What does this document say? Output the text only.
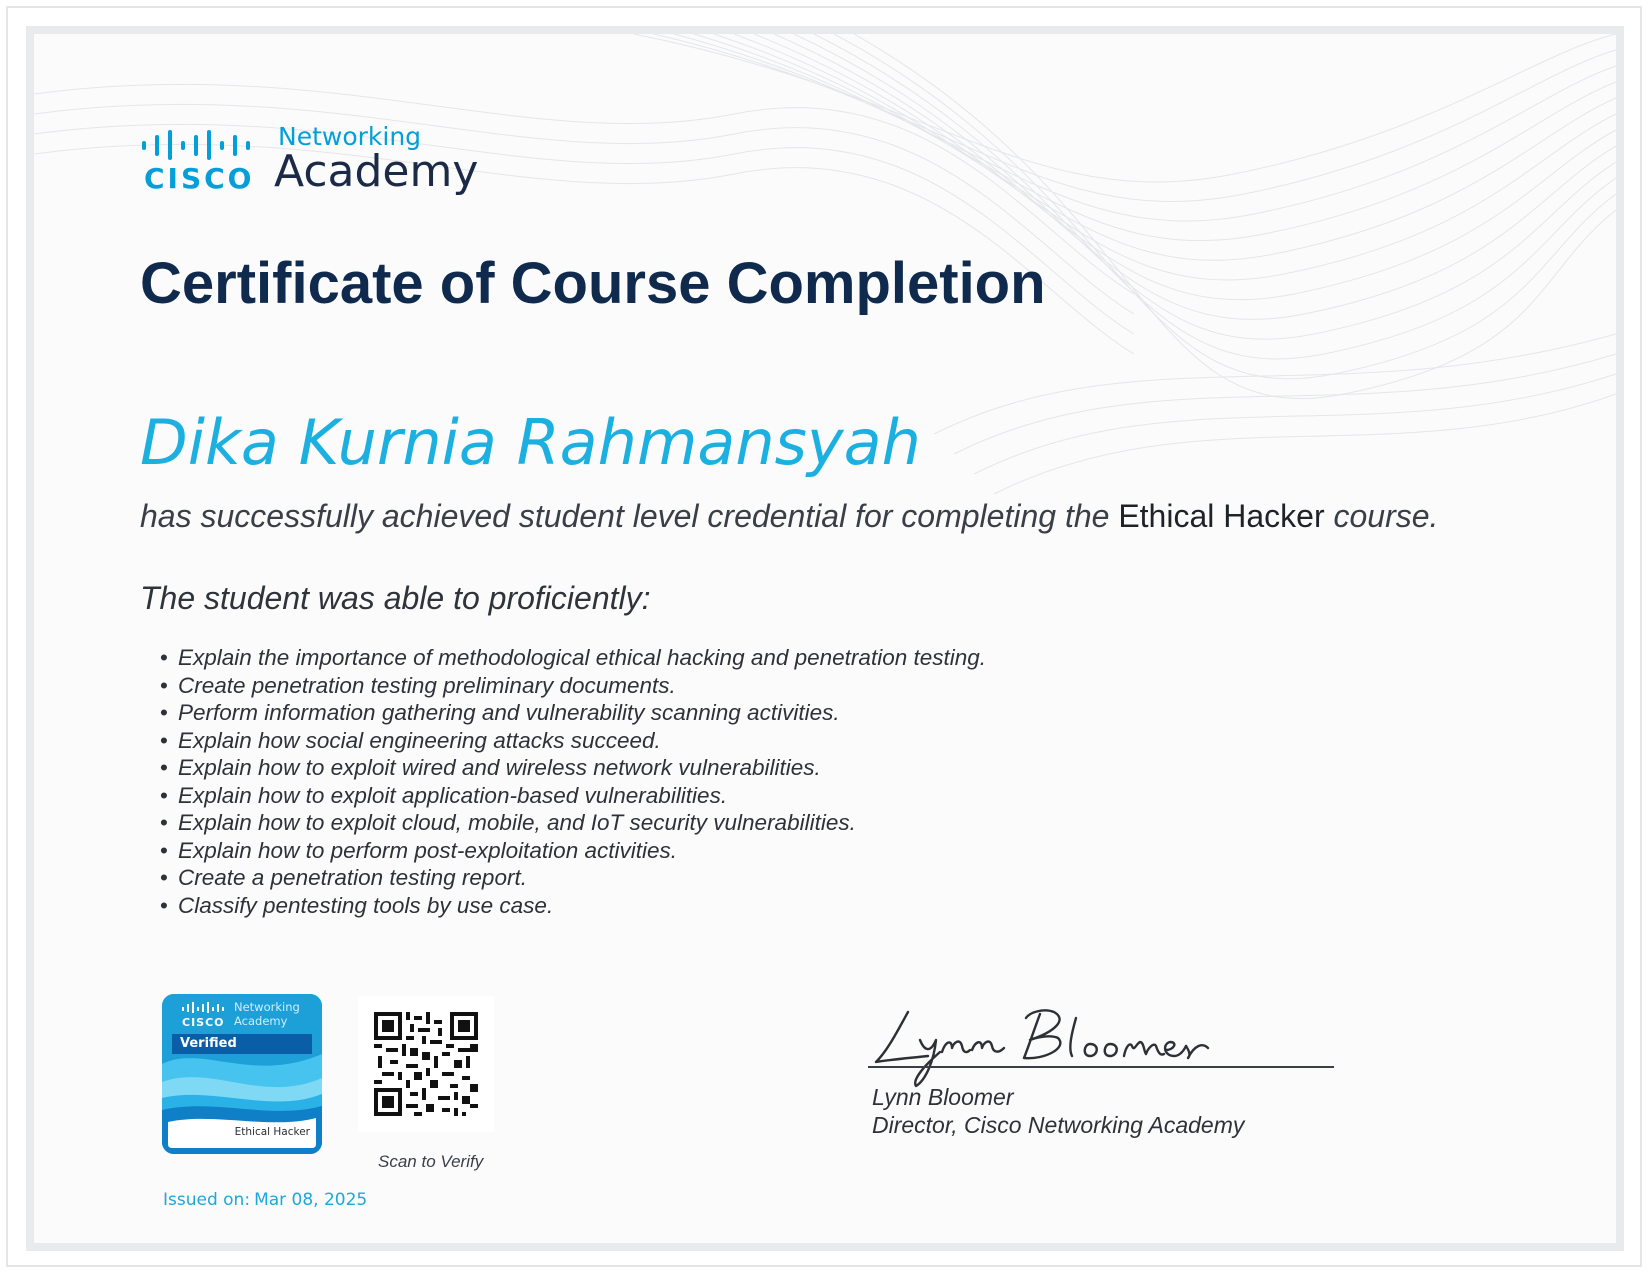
CISCO
Networking
Academy
Certificate of Course Completion
Dika Kurnia Rahmansyah
has successfully achieved student level credential for completing the Ethical Hacker course.
The student was able to proficiently:
• Explain the importance of methodological ethical hacking and penetration testing.
• Create penetration testing preliminary documents.
• Perform information gathering and vulnerability scanning activities.
• Explain how social engineering attacks succeed.
• Explain how to exploit wired and wireless network vulnerabilities.
• Explain how to exploit application-based vulnerabilities.
• Explain how to exploit cloud, mobile, and IoT security vulnerabilities.
• Explain how to perform post-exploitation activities.
• Create a penetration testing report.
• Classify pentesting tools by use case.
CISCO
Networking
Academy
Verified
Ethical Hacker
Scan to Verify
Issued on: Mar 08, 2025
Lynn Bloomer
Director, Cisco Networking Academy
